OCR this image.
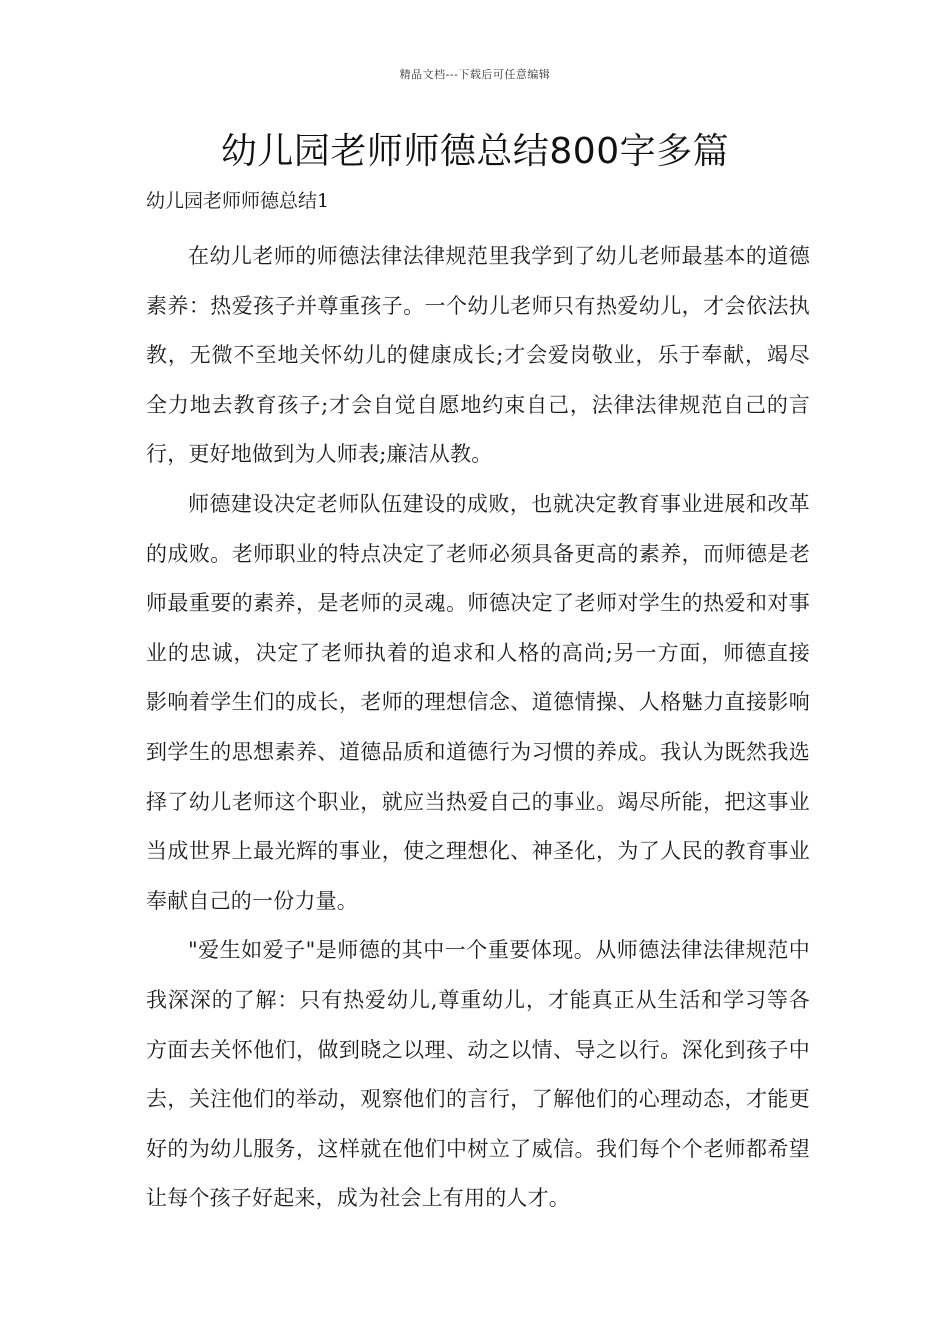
精品文档---下载后可任意编辑
幼儿园老师师德总结800字多篇
幼儿园老师师德总结1

在幼儿老师的师德法律法律规范里我学到了幼儿老师最基本的道德素养：热爱孩子并尊重孩子。一个幼儿老师只有热爱幼儿，才会依法执教，无微不至地关怀幼儿的健康成长;才会爱岗敬业，乐于奉献，竭尽全力地去教育孩子;才会自觉自愿地约束自己，法律法律规范自己的言行，更好地做到为人师表;廉洁从教。

师德建设决定老师队伍建设的成败，也就决定教育事业进展和改革的成败。老师职业的特点决定了老师必须具备更高的素养，而师德是老师最重要的素养，是老师的灵魂。师德决定了老师对学生的热爱和对事业的忠诚，决定了老师执着的追求和人格的高尚;另一方面，师德直接影响着学生们的成长，老师的理想信念、道德情操、人格魅力直接影响到学生的思想素养、道德品质和道德行为习惯的养成。我认为既然我选择了幼儿老师这个职业，就应当热爱自己的事业。竭尽所能，把这事业当成世界上最光辉的事业，使之理想化、神圣化，为了人民的教育事业奉献自己的一份力量。

"爱生如爱子"是师德的其中一个重要体现。从师德法律法律规范中我深深的了解：只有热爱幼儿,尊重幼儿，才能真正从生活和学习等各方面去关怀他们，做到晓之以理、动之以情、导之以行。深化到孩子中去，关注他们的举动，观察他们的言行，了解他们的心理动态，才能更好的为幼儿服务，这样就在他们中树立了威信。我们每个个老师都希望让每个孩子好起来，成为社会上有用的人才。
